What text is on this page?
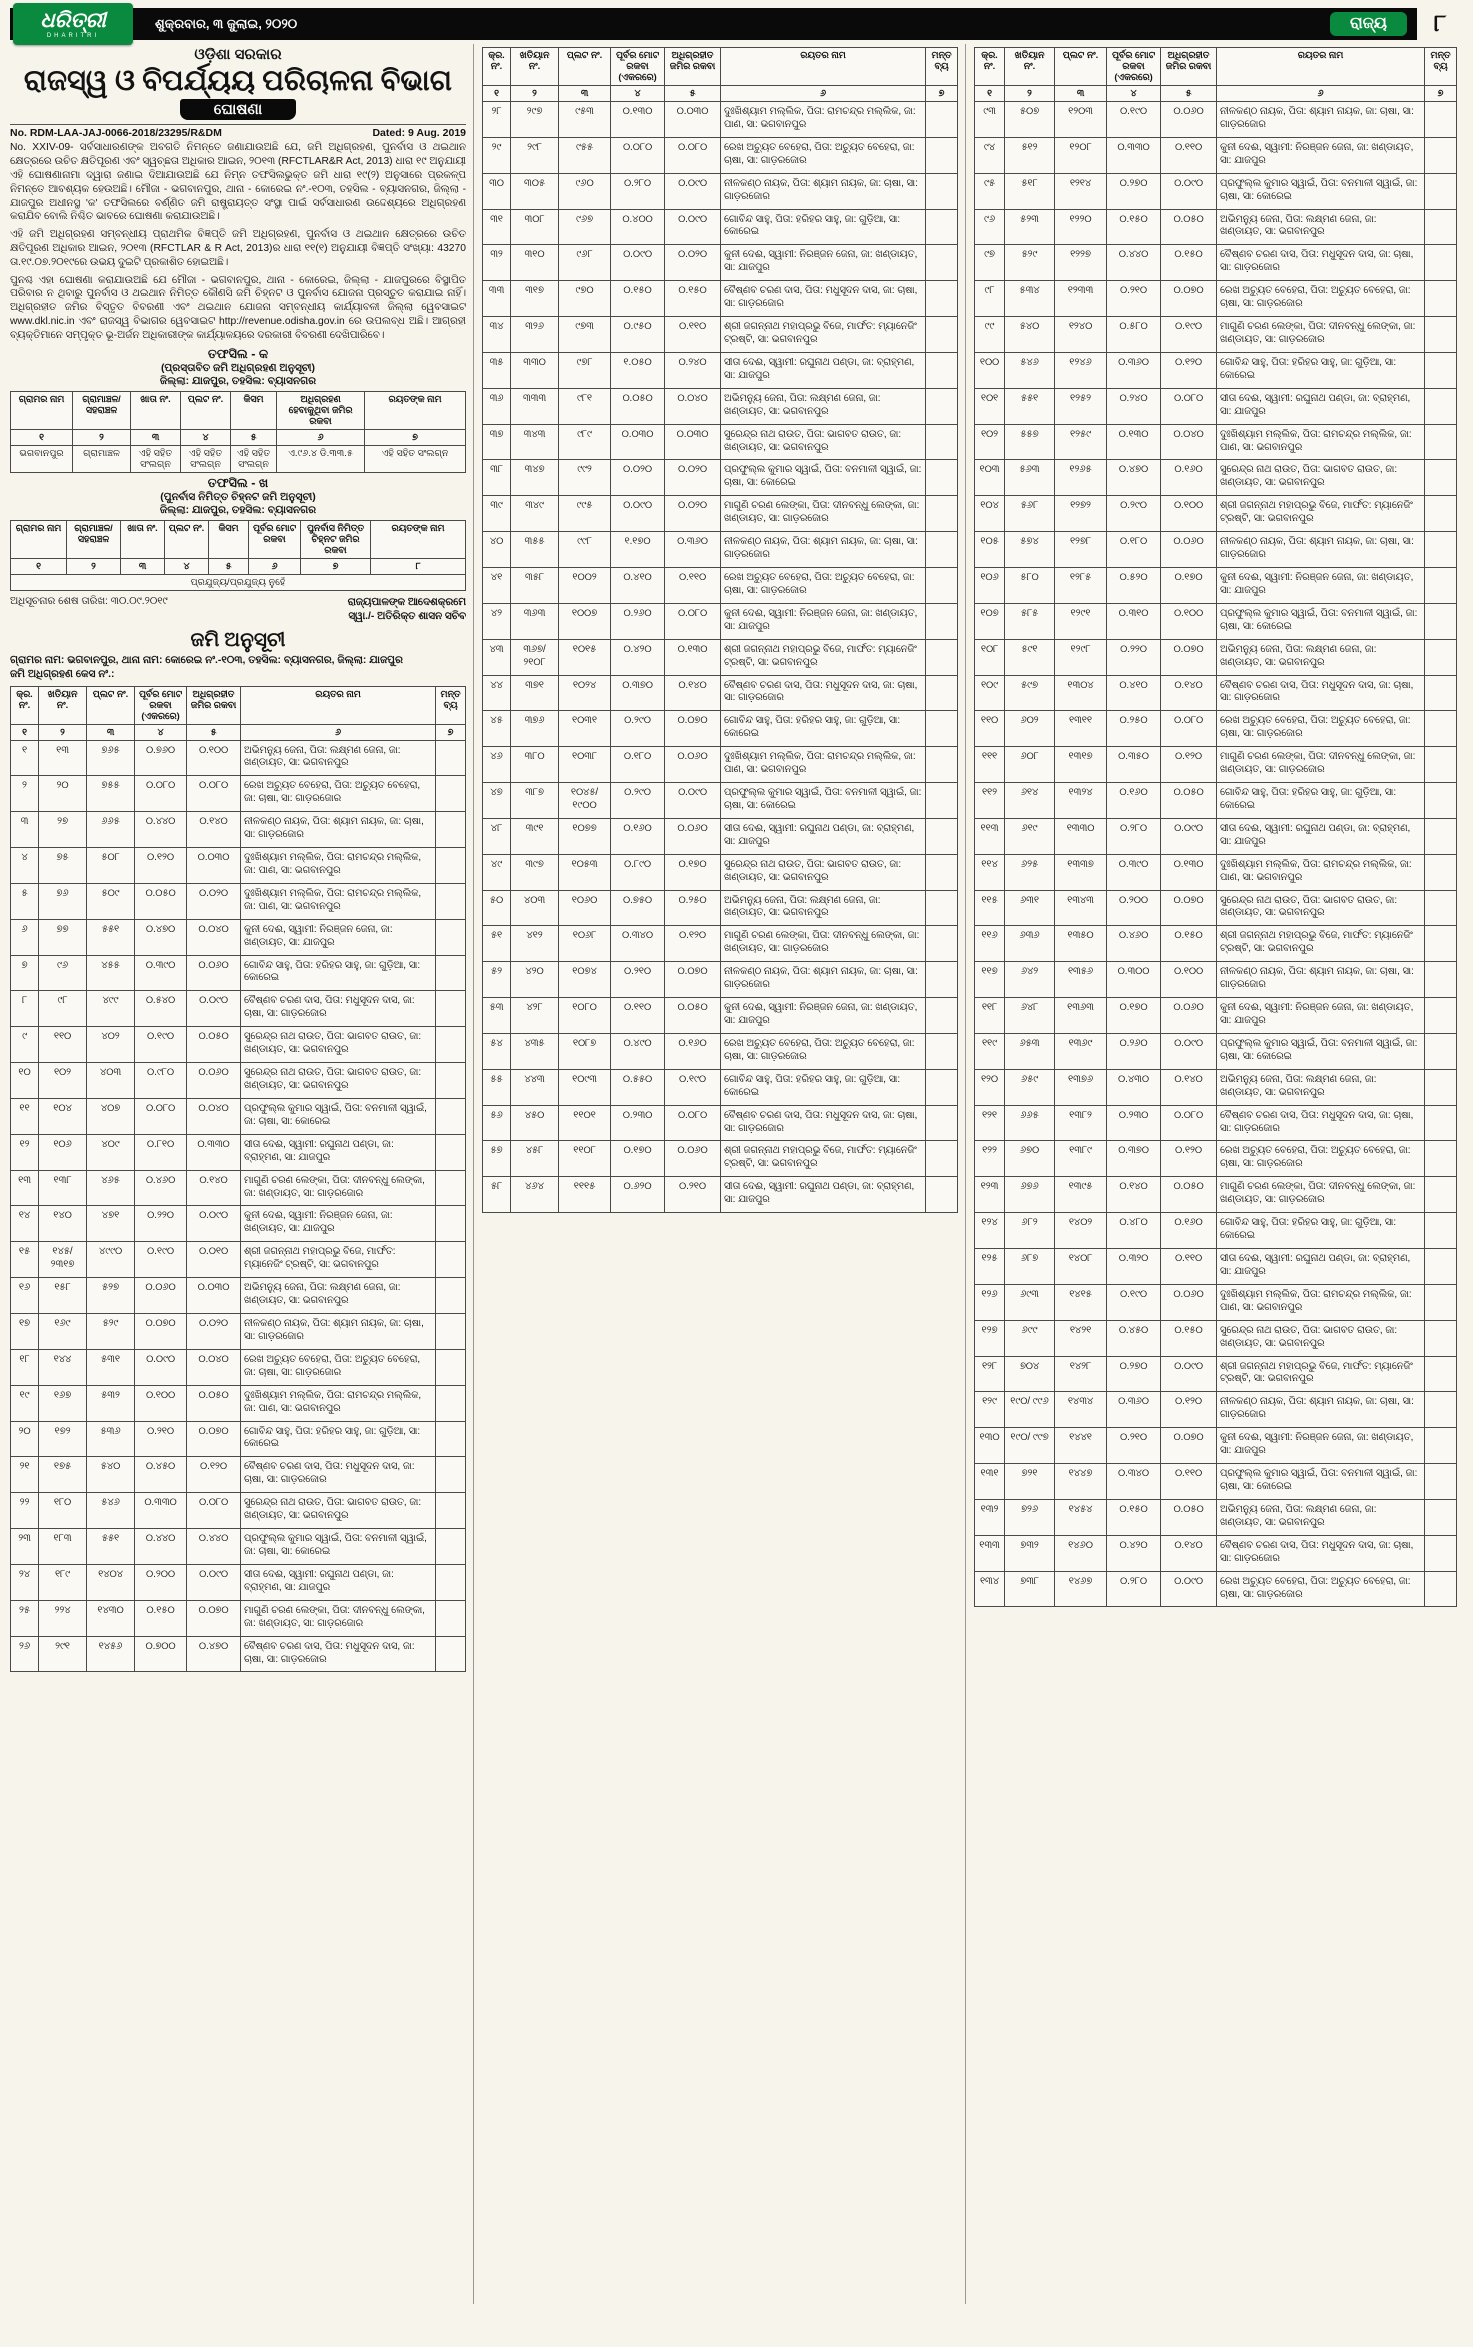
ଧରିତ୍ରୀ
DHARITRI
ଶୁକ୍ରବାର, ୩ ଜୁଲାଇ, ୨୦୨୦	ରାଜ୍ୟ	୮
ଓଡ଼ିଶା ସରକାର
ରାଜସ୍ୱ ଓ ବିପର୍ଯ୍ୟୟ ପରିଚାଳନା ବିଭାଗ
ଘୋଷଣା
No. RDM-LAA-JAJ-0066-2018/23295/R&DM	Dated: 9 Aug. 2019

No. XXIV-09- ସର୍ବସାଧାରଣଙ୍କ ଅବଗତି ନିମନ୍ତେ ଜଣାଯାଉଅଛି ଯେ, ଜମି ଅଧିଗ୍ରହଣ, ପୁନର୍ବାସ ଓ ଥଇଥାନ କ୍ଷେତ୍ରରେ ଉଚିତ କ୍ଷତିପୂରଣ ଏବଂ ସ୍ୱଚ୍ଛତା ଅଧିକାର ଆଇନ, ୨୦୧୩ (RFCTLAR&R Act, 2013) ଧାରା ୧୯ ଅନୁଯାୟୀ ଏହି ଘୋଷଣାନାମା ଦ୍ୱାରା ଜଣାଇ ଦିଆଯାଉଅଛି ଯେ ନିମ୍ନ ତଫସିଲଭୁକ୍ତ ଜମି ଧାରା ୧୯(୨) ଅନୁସାରେ ପ୍ରକଳ୍ପ ନିମନ୍ତେ ଆବଶ୍ୟକ ହେଉଅଛି। ମୌଜା - ଭଗବାନପୁର, ଥାନା - କୋରେଇ ନଂ.-୧୦୩, ତହସିଲ - ବ୍ୟାସନଗର, ଜିଲ୍ଲା - ଯାଜପୁର ଅଧୀନସ୍ଥ 'କ' ତଫସିଲରେ ବର୍ଣ୍ଣିତ ଜମି ରାଷ୍ଟ୍ରାୟତ୍ତ ସଂସ୍ଥା ପାଇଁ ସର୍ବସାଧାରଣ ଉଦ୍ଦେଶ୍ୟରେ ଅଧିଗ୍ରହଣ କରାଯିବ ବୋଲି ନିଶ୍ଚିତ ଭାବରେ ଘୋଷଣା କରାଯାଉଅଛି।

ଏହି ଜମି ଅଧିଗ୍ରହଣ ସମ୍ବନ୍ଧୀୟ ପ୍ରାଥମିକ ବିଜ୍ଞପ୍ତି ଜମି ଅଧିଗ୍ରହଣ, ପୁନର୍ବାସ ଓ ଥଇଥାନ କ୍ଷେତ୍ରରେ ଉଚିତ କ୍ଷତିପୂରଣ ଅଧିକାର ଆଇନ, ୨୦୧୩ (RFCTLAR & R Act, 2013)ର ଧାରା ୧୧(୧) ଅନୁଯାୟୀ ବିଜ୍ଞପ୍ତି ସଂଖ୍ୟା: 43270 ତା.୧୯.୦୭.୨୦୧୯ରେ ଉଭୟ ଦୁଇଟି ପ୍ରକାଶିତ ହୋଇଅଛି।

ପୁନଶ୍ଚ ଏହା ଘୋଷଣା କରାଯାଉଅଛି ଯେ ମୌଜା - ଭଗବାନପୁର, ଥାନା - କୋରେଇ, ଜିଲ୍ଲା - ଯାଜପୁରରେ ବିସ୍ଥାପିତ ପରିବାର ନ ଥିବାରୁ ପୁନର୍ବାସ ଓ ଥଇଥାନ ନିମିତ୍ତ କୌଣସି ଜମି ଚିହ୍ନଟ ଓ ପୁନର୍ବାସ ଯୋଜନା ପ୍ରସ୍ତୁତ କରାଯାଇ ନାହିଁ। ଅଧିଗ୍ରହୀତ ଜମିର ବିସ୍ତୃତ ବିବରଣୀ ଏବଂ ଥଇଥାନ ଯୋଜନା ସମ୍ବନ୍ଧୀୟ କାର୍ଯ୍ୟାବଳୀ ଜିଲ୍ଲା ୱେବସାଇଟ www.dkl.nic.in ଏବଂ ରାଜସ୍ୱ ବିଭାଗର ୱେବସାଇଟ http://revenue.odisha.gov.in ରେ ଉପଲବ୍ଧ ଅଛି। ଆଗ୍ରହୀ ବ୍ୟକ୍ତିମାନେ ସମ୍ପୃକ୍ତ ଭୂ-ଅର୍ଜନ ଅଧିକାରୀଙ୍କ କାର୍ଯ୍ୟାଳୟରେ ଦରକାରୀ ବିବରଣୀ ଦେଖିପାରିବେ।

ତଫସିଲ - କ
(ପ୍ରସ୍ତାବିତ ଜମି ଅଧିଗ୍ରହଣ ଅନୁସୂଚୀ)
ଜିଲ୍ଲା: ଯାଜପୁର, ତହସିଲ: ବ୍ୟାସନଗର
ଗ୍ରାମର ନାମ	ଗ୍ରାମାଞ୍ଚଳ/ ସହରାଞ୍ଚଳ	ଖାତା ନଂ.	ପ୍ଲଟ ନଂ.	କିସମ	ଅଧିଗ୍ରହଣ ହେବାକୁଥିବା ଜମିର ରକବା	ରୟତଙ୍କ ନାମ
୧	୨	୩	୪	୫	୬	୭
ଭଗବାନପୁର	ଗ୍ରାମାଞ୍ଚଳ	ଏହି ସହିତ ସଂଲଗ୍ନ	ଏହି ସହିତ ସଂଲଗ୍ନ	ଏହି ସହିତ ସଂଲଗ୍ନ	ଏ.୯୬.୪ ଡି.୩୩.୫	ଏହି ସହିତ ସଂଲଗ୍ନ
ତଫସିଲ - ଖ
(ପୁନର୍ବାସ ନିମିତ୍ତ ଚିହ୍ନଟ ଜମି ଅନୁସୂଚୀ)
ଜିଲ୍ଲା: ଯାଜପୁର, ତହସିଲ: ବ୍ୟାସନଗର
ଗ୍ରାମର ନାମ	ଗ୍ରାମାଞ୍ଚଳ/ ସହରାଞ୍ଚଳ	ଖାତା ନଂ.	ପ୍ଲଟ ନଂ.	କିସମ	ପୂର୍ବର ମୋଟ ରକବା	ପୁନର୍ବାସ ନିମିତ୍ତ ଚିହ୍ନଟ ଜମିର ରକବା	ରୟତଙ୍କ ନାମ
୧	୨	୩	୪	୫	୬	୭	୮
ପ୍ରଯୁଜ୍ୟ/ପ୍ରଯୁଜ୍ୟ ନୁହେଁ							
ଅଧିସୂଚନାର ଶେଷ ତାରିଖ: ୩୦.୦୯.୨୦୧୯	ରାଜ୍ୟପାଳଙ୍କ ଆଦେଶକ୍ରମେ
ସ୍ୱା./- ଅତିରିକ୍ତ ଶାସନ ସଚିବ
ଜମି ଅନୁସୂଚୀ
ଗ୍ରାମର ନାମ: ଭଗବାନପୁର, ଥାନା ନାମ: କୋରେଇ ନଂ.-୧୦୩, ତହସିଲ: ବ୍ୟାସନଗର, ଜିଲ୍ଲା: ଯାଜପୁର
ଜମି ଅଧିଗ୍ରହଣ କେସ ନଂ.:
କ୍ର.ନଂ.	ଖତିୟାନ ନଂ.	ପ୍ଲଟ ନଂ.	ପୂର୍ବର ମୋଟ ରକବା (ଏକରରେ)	ଅଧିଗ୍ରହୀତ ଜମିର ରକବା	ରୟତର ନାମ	ମନ୍ତବ୍ୟ
୧	୨	୩	୪	୫	୬	୭
୧	୧୩	୭୬୫	୦.୭୬୦	୦.୧୦୦	ଅଭିମନ୍ୟୁ ଜେନା, ପିତା: ଲକ୍ଷ୍ମଣ ଜେନା, ଜା: ଖଣ୍ଡାୟତ, ସା: ଭଗବାନପୁର	
୨	୨୦	୭୫୫	୦.୦୮୦	୦.୦୮୦	ରେଖ ଅଚ୍ୟୁତ ବେହେରା, ପିତା: ଅଚ୍ୟୁତ ବେହେରା, ଜା: ଚାଷା, ସା: ଗାଡ଼ରଜୋର	
୩	୨୭	୬୬୫	୦.୪୪୦	୦.୧୪୦	ନୀଳକଣ୍ଠ ନାୟକ, ପିତା: ଶ୍ୟାମ ନାୟକ, ଜା: ଚାଷା, ସା: ଗାଡ଼ରଜୋର	
୪	୭୫	୫୦୮	୦.୧୨୦	୦.୦୩୦	ଦୁଃଖିଶ୍ୟାମ ମଲ୍ଲିକ, ପିତା: ରାମଚନ୍ଦ୍ର ମଲ୍ଲିକ, ଜା: ପାଣ, ସା: ଭଗବାନପୁର	
୫	୭୬	୫୦୯	୦.୦୫୦	୦.୦୨୦	ଦୁଃଖିଶ୍ୟାମ ମଲ୍ଲିକ, ପିତା: ରାମଚନ୍ଦ୍ର ମଲ୍ଲିକ, ଜା: ପାଣ, ସା: ଭଗବାନପୁର	
୬	୭୭	୫୫୧	୦.୪୭୦	୦.୦୪୦	କୁନୀ ଦେଈ, ସ୍ୱାମୀ: ନିରଞ୍ଜନ ଜେନା, ଜା: ଖଣ୍ଡାୟତ, ସା: ଯାଜପୁର	
୭	୯୬	୪୫୫	୦.୩୯୦	୦.୦୬୦	ଗୋବିନ୍ଦ ସାହୁ, ପିତା: ହରିହର ସାହୁ, ଜା: ଗୁଡ଼ିଆ, ସା: କୋରେଇ	
୮	୯୮	୪୯୯	୦.୫୪୦	୦.୦୯୦	ବୈଷ୍ଣବ ଚରଣ ଦାସ, ପିତା: ମଧୁସୂଦନ ଦାସ, ଜା: ଚାଷା, ସା: ଗାଡ଼ରଜୋର	
୯	୧୧୦	୪୦୨	୦.୧୯୦	୦.୦୫୦	ସୁରେନ୍ଦ୍ର ନାଥ ରାଉତ, ପିତା: ଭାଗବତ ରାଉତ, ଜା: ଖଣ୍ଡାୟତ, ସା: ଭଗବାନପୁର	
୧୦	୧୦୨	୪୦୩	୦.୯୮୦	୦.୦୬୦	ସୁରେନ୍ଦ୍ର ନାଥ ରାଉତ, ପିତା: ଭାଗବତ ରାଉତ, ଜା: ଖଣ୍ଡାୟତ, ସା: ଭଗବାନପୁର	
୧୧	୧୦୪	୪୦୭	୦.୦୮୦	୦.୦୪୦	ପ୍ରଫୁଲ୍ଲ କୁମାର ସ୍ୱାଇଁ, ପିତା: ବନମାଳୀ ସ୍ୱାଇଁ, ଜା: ଚାଷା, ସା: କୋରେଇ	
୧୨	୧୦୬	୪୦୯	୦.୮୧୦	୦.୩୩୦	ସୀତା ଦେଈ, ସ୍ୱାମୀ: ରଘୁନାଥ ପଣ୍ଡା, ଜା: ବ୍ରାହ୍ମଣ, ସା: ଯାଜପୁର	
୧୩	୧୩୮	୪୬୫	୦.୪୬୦	୦.୧୪୦	ମାଗୁଣି ଚରଣ ଲେଙ୍କା, ପିତା: ଦୀନବନ୍ଧୁ ଲେଙ୍କା, ଜା: ଖଣ୍ଡାୟତ, ସା: ଗାଡ଼ରଜୋର	
୧୪	୧୪୦	୪୭୧	୦.୨୨୦	୦.୦୯୦	କୁନୀ ଦେଈ, ସ୍ୱାମୀ: ନିରଞ୍ଜନ ଜେନା, ଜା: ଖଣ୍ଡାୟତ, ସା: ଯାଜପୁର	
୧୫	୧୪୫/ ୨୩୧୭	୪୯୯୦	୦.୧୯୦	୦.୦୧୦	ଶ୍ରୀ ଜଗନ୍ନାଥ ମହାପ୍ରଭୁ ବିଜେ, ମାର୍ଫତ: ମ୍ୟାନେଜିଂ ଟ୍ରଷ୍ଟି, ସା: ଭଗବାନପୁର	
୧୬	୧୫୮	୫୨୭	୦.୦୬୦	୦.୦୩୦	ଅଭିମନ୍ୟୁ ଜେନା, ପିତା: ଲକ୍ଷ୍ମଣ ଜେନା, ଜା: ଖଣ୍ଡାୟତ, ସା: ଭଗବାନପୁର	
୧୭	୧୬୯	୫୨୯	୦.୦୭୦	୦.୦୨୦	ନୀଳକଣ୍ଠ ନାୟକ, ପିତା: ଶ୍ୟାମ ନାୟକ, ଜା: ଚାଷା, ସା: ଗାଡ଼ରଜୋର	
୧୮	୧୪୪	୫୩୧	୦.୦୯୦	୦.୦୪୦	ରେଖ ଅଚ୍ୟୁତ ବେହେରା, ପିତା: ଅଚ୍ୟୁତ ବେହେରା, ଜା: ଚାଷା, ସା: ଗାଡ଼ରଜୋର	
୧୯	୧୬୭	୫୩୨	୦.୧୦୦	୦.୦୫୦	ଦୁଃଖିଶ୍ୟାମ ମଲ୍ଲିକ, ପିତା: ରାମଚନ୍ଦ୍ର ମଲ୍ଲିକ, ଜା: ପାଣ, ସା: ଭଗବାନପୁର	
୨୦	୧୭୨	୫୩୬	୦.୨୧୦	୦.୦୭୦	ଗୋବିନ୍ଦ ସାହୁ, ପିତା: ହରିହର ସାହୁ, ଜା: ଗୁଡ଼ିଆ, ସା: କୋରେଇ	
୨୧	୧୭୫	୫୪୦	୦.୪୫୦	୦.୧୨୦	ବୈଷ୍ଣବ ଚରଣ ଦାସ, ପିତା: ମଧୁସୂଦନ ଦାସ, ଜା: ଚାଷା, ସା: ଗାଡ଼ରଜୋର	
୨୨	୧୮୦	୫୪୬	୦.୩୩୦	୦.୦୮୦	ସୁରେନ୍ଦ୍ର ନାଥ ରାଉତ, ପିତା: ଭାଗବତ ରାଉତ, ଜା: ଖଣ୍ଡାୟତ, ସା: ଭଗବାନପୁର	
୨୩	୧୮୩	୫୫୧	୦.୪୪୦	୦.୪୪୦	ପ୍ରଫୁଲ୍ଲ କୁମାର ସ୍ୱାଇଁ, ପିତା: ବନମାଳୀ ସ୍ୱାଇଁ, ଜା: ଚାଷା, ସା: କୋରେଇ	
୨୪	୧୮୯	୧୪୦୪	୦.୨୦୦	୦.୦୯୦	ସୀତା ଦେଈ, ସ୍ୱାମୀ: ରଘୁନାଥ ପଣ୍ଡା, ଜା: ବ୍ରାହ୍ମଣ, ସା: ଯାଜପୁର	
୨୫	୨୨୪	୧୪୩୦	୦.୧୫୦	୦.୦୭୦	ମାଗୁଣି ଚରଣ ଲେଙ୍କା, ପିତା: ଦୀନବନ୍ଧୁ ଲେଙ୍କା, ଜା: ଖଣ୍ଡାୟତ, ସା: ଗାଡ଼ରଜୋର	
୨୬	୨୯୧	୧୪୫୬	୦.୭୦୦	୦.୪୭୦	ବୈଷ୍ଣବ ଚରଣ ଦାସ, ପିତା: ମଧୁସୂଦନ ଦାସ, ଜା: ଚାଷା, ସା: ଗାଡ଼ରଜୋର	
କ୍ର.ନଂ.	ଖତିୟାନ ନଂ.	ପ୍ଲଟ ନଂ.	ପୂର୍ବର ମୋଟ ରକବା (ଏକରରେ)	ଅଧିଗ୍ରହୀତ ଜମିର ରକବା	ରୟତର ନାମ	ମନ୍ତବ୍ୟ
୧	୨	୩	୪	୫	୬	୭
୨୮	୨୯୭	୯୫୩	୦.୧୩୦	୦.୦୩୦	ଦୁଃଖିଶ୍ୟାମ ମଲ୍ଲିକ, ପିତା: ରାମଚନ୍ଦ୍ର ମଲ୍ଲିକ, ଜା: ପାଣ, ସା: ଭଗବାନପୁର	
୨୯	୨୯୮	୯୫୫	୦.୦୮୦	୦.୦୮୦	ରେଖ ଅଚ୍ୟୁତ ବେହେରା, ପିତା: ଅଚ୍ୟୁତ ବେହେରା, ଜା: ଚାଷା, ସା: ଗାଡ଼ରଜୋର	
୩୦	୩୦୫	୯୬୦	୦.୨୮୦	୦.୦୯୦	ନୀଳକଣ୍ଠ ନାୟକ, ପିତା: ଶ୍ୟାମ ନାୟକ, ଜା: ଚାଷା, ସା: ଗାଡ଼ରଜୋର	
୩୧	୩୦୮	୯୬୭	୦.୪୦୦	୦.୦୯୦	ଗୋବିନ୍ଦ ସାହୁ, ପିତା: ହରିହର ସାହୁ, ଜା: ଗୁଡ଼ିଆ, ସା: କୋରେଇ	
୩୨	୩୧୦	୯୬୮	୦.୦୯୦	୦.୦୨୦	କୁନୀ ଦେଈ, ସ୍ୱାମୀ: ନିରଞ୍ଜନ ଜେନା, ଜା: ଖଣ୍ଡାୟତ, ସା: ଯାଜପୁର	
୩୩	୩୧୭	୯୭୦	୦.୧୫୦	୦.୧୫୦	ବୈଷ୍ଣବ ଚରଣ ଦାସ, ପିତା: ମଧୁସୂଦନ ଦାସ, ଜା: ଚାଷା, ସା: ଗାଡ଼ରଜୋର	
୩୪	୩୨୬	୯୭୩	୦.୯୫୦	୦.୧୧୦	ଶ୍ରୀ ଜଗନ୍ନାଥ ମହାପ୍ରଭୁ ବିଜେ, ମାର୍ଫତ: ମ୍ୟାନେଜିଂ ଟ୍ରଷ୍ଟି, ସା: ଭଗବାନପୁର	
୩୫	୩୩୦	୯୭୮	୧.୦୫୦	୦.୨୪୦	ସୀତା ଦେଈ, ସ୍ୱାମୀ: ରଘୁନାଥ ପଣ୍ଡା, ଜା: ବ୍ରାହ୍ମଣ, ସା: ଯାଜପୁର	
୩୬	୩୩୩	୯୮୧	୦.୦୫୦	୦.୦୪୦	ଅଭିମନ୍ୟୁ ଜେନା, ପିତା: ଲକ୍ଷ୍ମଣ ଜେନା, ଜା: ଖଣ୍ଡାୟତ, ସା: ଭଗବାନପୁର	
୩୭	୩୪୩	୯୮୯	୦.୦୩୦	୦.୦୩୦	ସୁରେନ୍ଦ୍ର ନାଥ ରାଉତ, ପିତା: ଭାଗବତ ରାଉତ, ଜା: ଖଣ୍ଡାୟତ, ସା: ଭଗବାନପୁର	
୩୮	୩୪୭	୯୯୨	୦.୦୨୦	୦.୦୨୦	ପ୍ରଫୁଲ୍ଲ କୁମାର ସ୍ୱାଇଁ, ପିତା: ବନମାଳୀ ସ୍ୱାଇଁ, ଜା: ଚାଷା, ସା: କୋରେଇ	
୩୯	୩୪୯	୯୯୫	୦.୦୯୦	୦.୦୨୦	ମାଗୁଣି ଚରଣ ଲେଙ୍କା, ପିତା: ଦୀନବନ୍ଧୁ ଲେଙ୍କା, ଜା: ଖଣ୍ଡାୟତ, ସା: ଗାଡ଼ରଜୋର	
୪୦	୩୫୫	୯୯୮	୧.୧୭୦	୦.୩୬୦	ନୀଳକଣ୍ଠ ନାୟକ, ପିତା: ଶ୍ୟାମ ନାୟକ, ଜା: ଚାଷା, ସା: ଗାଡ଼ରଜୋର	
୪୧	୩୫୮	୧୦୦୨	୦.୪୧୦	୦.୧୧୦	ରେଖ ଅଚ୍ୟୁତ ବେହେରା, ପିତା: ଅଚ୍ୟୁତ ବେହେରା, ଜା: ଚାଷା, ସା: ଗାଡ଼ରଜୋର	
୪୨	୩୬୩	୧୦୦୭	୦.୨୬୦	୦.୦୮୦	କୁନୀ ଦେଈ, ସ୍ୱାମୀ: ନିରଞ୍ଜନ ଜେନା, ଜା: ଖଣ୍ଡାୟତ, ସା: ଯାଜପୁର	
୪୩	୩୬୭/ ୨୧୦୮	୧୦୧୫	୦.୪୨୦	୦.୧୩୦	ଶ୍ରୀ ଜଗନ୍ନାଥ ମହାପ୍ରଭୁ ବିଜେ, ମାର୍ଫତ: ମ୍ୟାନେଜିଂ ଟ୍ରଷ୍ଟି, ସା: ଭଗବାନପୁର	
୪୪	୩୭୧	୧୦୨୪	୦.୩୭୦	୦.୧୪୦	ବୈଷ୍ଣବ ଚରଣ ଦାସ, ପିତା: ମଧୁସୂଦନ ଦାସ, ଜା: ଚାଷା, ସା: ଗାଡ଼ରଜୋର	
୪୫	୩୭୬	୧୦୩୧	୦.୨୯୦	୦.୦୭୦	ଗୋବିନ୍ଦ ସାହୁ, ପିତା: ହରିହର ସାହୁ, ଜା: ଗୁଡ଼ିଆ, ସା: କୋରେଇ	
୪୬	୩୮୦	୧୦୩୮	୦.୧୮୦	୦.୦୬୦	ଦୁଃଖିଶ୍ୟାମ ମଲ୍ଲିକ, ପିତା: ରାମଚନ୍ଦ୍ର ମଲ୍ଲିକ, ଜା: ପାଣ, ସା: ଭଗବାନପୁର	
୪୭	୩୮୭	୧୦୪୫/ ୧୯୦୦	୦.୨୯୦	୦.୦୯୦	ପ୍ରଫୁଲ୍ଲ କୁମାର ସ୍ୱାଇଁ, ପିତା: ବନମାଳୀ ସ୍ୱାଇଁ, ଜା: ଚାଷା, ସା: କୋରେଇ	
୪୮	୩୯୧	୧୦୭୭	୦.୧୬୦	୦.୦୬୦	ସୀତା ଦେଈ, ସ୍ୱାମୀ: ରଘୁନାଥ ପଣ୍ଡା, ଜା: ବ୍ରାହ୍ମଣ, ସା: ଯାଜପୁର	
୪୯	୩୯୭	୧୦୫୩	୦.୮୯୦	୦.୧୭୦	ସୁରେନ୍ଦ୍ର ନାଥ ରାଉତ, ପିତା: ଭାଗବତ ରାଉତ, ଜା: ଖଣ୍ଡାୟତ, ସା: ଭଗବାନପୁର	
୫୦	୪୦୩	୧୦୬୦	୦.୭୫୦	୦.୨୫୦	ଅଭିମନ୍ୟୁ ଜେନା, ପିତା: ଲକ୍ଷ୍ମଣ ଜେନା, ଜା: ଖଣ୍ଡାୟତ, ସା: ଭଗବାନପୁର	
୫୧	୪୧୨	୧୦୬୮	୦.୩୪୦	୦.୧୨୦	ମାଗୁଣି ଚରଣ ଲେଙ୍କା, ପିତା: ଦୀନବନ୍ଧୁ ଲେଙ୍କା, ଜା: ଖଣ୍ଡାୟତ, ସା: ଗାଡ଼ରଜୋର	
୫୨	୪୨୦	୧୦୭୪	୦.୨୧୦	୦.୦୭୦	ନୀଳକଣ୍ଠ ନାୟକ, ପିତା: ଶ୍ୟାମ ନାୟକ, ଜା: ଚାଷା, ସା: ଗାଡ଼ରଜୋର	
୫୩	୪୨୮	୧୦୮୦	୦.୧୧୦	୦.୦୫୦	କୁନୀ ଦେଈ, ସ୍ୱାମୀ: ନିରଞ୍ଜନ ଜେନା, ଜା: ଖଣ୍ଡାୟତ, ସା: ଯାଜପୁର	
୫୪	୪୩୫	୧୦୮୭	୦.୪୯୦	୦.୧୬୦	ରେଖ ଅଚ୍ୟୁତ ବେହେରା, ପିତା: ଅଚ୍ୟୁତ ବେହେରା, ଜା: ଚାଷା, ସା: ଗାଡ଼ରଜୋର	
୫୫	୪୪୩	୧୦୯୩	୦.୫୫୦	୦.୧୯୦	ଗୋବିନ୍ଦ ସାହୁ, ପିତା: ହରିହର ସାହୁ, ଜା: ଗୁଡ଼ିଆ, ସା: କୋରେଇ	
୫୬	୪୫୦	୧୧୦୧	୦.୨୩୦	୦.୦୮୦	ବୈଷ୍ଣବ ଚରଣ ଦାସ, ପିତା: ମଧୁସୂଦନ ଦାସ, ଜା: ଚାଷା, ସା: ଗାଡ଼ରଜୋର	
୫୭	୪୫୮	୧୧୦୮	୦.୧୭୦	୦.୦୬୦	ଶ୍ରୀ ଜଗନ୍ନାଥ ମହାପ୍ରଭୁ ବିଜେ, ମାର୍ଫତ: ମ୍ୟାନେଜିଂ ଟ୍ରଷ୍ଟି, ସା: ଭଗବାନପୁର	
୫୮	୪୬୪	୧୧୧୫	୦.୬୨୦	୦.୨୧୦	ସୀତା ଦେଈ, ସ୍ୱାମୀ: ରଘୁନାଥ ପଣ୍ଡା, ଜା: ବ୍ରାହ୍ମଣ, ସା: ଯାଜପୁର	
କ୍ର.ନଂ.	ଖତିୟାନ ନଂ.	ପ୍ଲଟ ନଂ.	ପୂର୍ବର ମୋଟ ରକବା (ଏକରରେ)	ଅଧିଗ୍ରହୀତ ଜମିର ରକବା	ରୟତର ନାମ	ମନ୍ତବ୍ୟ
୧	୨	୩	୪	୫	୬	୭
୯୩	୫୦୭	୧୨୦୩	୦.୧୯୦	୦.୦୬୦	ନୀଳକଣ୍ଠ ନାୟକ, ପିତା: ଶ୍ୟାମ ନାୟକ, ଜା: ଚାଷା, ସା: ଗାଡ଼ରଜୋର	
୯୪	୫୧୨	୧୨୦୮	୦.୩୩୦	୦.୧୧୦	କୁନୀ ଦେଈ, ସ୍ୱାମୀ: ନିରଞ୍ଜନ ଜେନା, ଜା: ଖଣ୍ଡାୟତ, ସା: ଯାଜପୁର	
୯୫	୫୧୮	୧୨୧୪	୦.୨୭୦	୦.୦୯୦	ପ୍ରଫୁଲ୍ଲ କୁମାର ସ୍ୱାଇଁ, ପିତା: ବନମାଳୀ ସ୍ୱାଇଁ, ଜା: ଚାଷା, ସା: କୋରେଇ	
୯୬	୫୨୩	୧୨୨୦	୦.୧୫୦	୦.୦୫୦	ଅଭିମନ୍ୟୁ ଜେନା, ପିତା: ଲକ୍ଷ୍ମଣ ଜେନା, ଜା: ଖଣ୍ଡାୟତ, ସା: ଭଗବାନପୁର	
୯୭	୫୨୯	୧୨୨୭	୦.୪୪୦	୦.୧୫୦	ବୈଷ୍ଣବ ଚରଣ ଦାସ, ପିତା: ମଧୁସୂଦନ ଦାସ, ଜା: ଚାଷା, ସା: ଗାଡ଼ରଜୋର	
୯୮	୫୩୪	୧୨୩୩	୦.୨୧୦	୦.୦୭୦	ରେଖ ଅଚ୍ୟୁତ ବେହେରା, ପିତା: ଅଚ୍ୟୁତ ବେହେରା, ଜା: ଚାଷା, ସା: ଗାଡ଼ରଜୋର	
୯୯	୫୪୦	୧୨୪୦	୦.୫୮୦	୦.୧୯୦	ମାଗୁଣି ଚରଣ ଲେଙ୍କା, ପିତା: ଦୀନବନ୍ଧୁ ଲେଙ୍କା, ଜା: ଖଣ୍ଡାୟତ, ସା: ଗାଡ଼ରଜୋର	
୧୦୦	୫୪୬	୧୨୪୬	୦.୩୬୦	୦.୧୨୦	ଗୋବିନ୍ଦ ସାହୁ, ପିତା: ହରିହର ସାହୁ, ଜା: ଗୁଡ଼ିଆ, ସା: କୋରେଇ	
୧୦୧	୫୫୧	୧୨୫୨	୦.୨୪୦	୦.୦୮୦	ସୀତା ଦେଈ, ସ୍ୱାମୀ: ରଘୁନାଥ ପଣ୍ଡା, ଜା: ବ୍ରାହ୍ମଣ, ସା: ଯାଜପୁର	
୧୦୨	୫୫୭	୧୨୫୯	୦.୧୩୦	୦.୦୪୦	ଦୁଃଖିଶ୍ୟାମ ମଲ୍ଲିକ, ପିତା: ରାମଚନ୍ଦ୍ର ମଲ୍ଲିକ, ଜା: ପାଣ, ସା: ଭଗବାନପୁର	
୧୦୩	୫୬୩	୧୨୬୫	୦.୪୭୦	୦.୧୬୦	ସୁରେନ୍ଦ୍ର ନାଥ ରାଉତ, ପିତା: ଭାଗବତ ରାଉତ, ଜା: ଖଣ୍ଡାୟତ, ସା: ଭଗବାନପୁର	
୧୦୪	୫୬୮	୧୨୭୨	୦.୨୯୦	୦.୧୦୦	ଶ୍ରୀ ଜଗନ୍ନାଥ ମହାପ୍ରଭୁ ବିଜେ, ମାର୍ଫତ: ମ୍ୟାନେଜିଂ ଟ୍ରଷ୍ଟି, ସା: ଭଗବାନପୁର	
୧୦୫	୫୭୪	୧୨୭୮	୦.୧୮୦	୦.୦୬୦	ନୀଳକଣ୍ଠ ନାୟକ, ପିତା: ଶ୍ୟାମ ନାୟକ, ଜା: ଚାଷା, ସା: ଗାଡ଼ରଜୋର	
୧୦୬	୫୮୦	୧୨୮୫	୦.୫୨୦	୦.୧୭୦	କୁନୀ ଦେଈ, ସ୍ୱାମୀ: ନିରଞ୍ଜନ ଜେନା, ଜା: ଖଣ୍ଡାୟତ, ସା: ଯାଜପୁର	
୧୦୭	୫୮୫	୧୨୯୧	୦.୩୧୦	୦.୧୦୦	ପ୍ରଫୁଲ୍ଲ କୁମାର ସ୍ୱାଇଁ, ପିତା: ବନମାଳୀ ସ୍ୱାଇଁ, ଜା: ଚାଷା, ସା: କୋରେଇ	
୧୦୮	୫୯୧	୧୨୯୮	୦.୨୨୦	୦.୦୭୦	ଅଭିମନ୍ୟୁ ଜେନା, ପିତା: ଲକ୍ଷ୍ମଣ ଜେନା, ଜା: ଖଣ୍ଡାୟତ, ସା: ଭଗବାନପୁର	
୧୦୯	୫୯୭	୧୩୦୪	୦.୪୧୦	୦.୧୪୦	ବୈଷ୍ଣବ ଚରଣ ଦାସ, ପିତା: ମଧୁସୂଦନ ଦାସ, ଜା: ଚାଷା, ସା: ଗାଡ଼ରଜୋର	
୧୧୦	୬୦୨	୧୩୧୧	୦.୨୫୦	୦.୦୮୦	ରେଖ ଅଚ୍ୟୁତ ବେହେରା, ପିତା: ଅଚ୍ୟୁତ ବେହେରା, ଜା: ଚାଷା, ସା: ଗାଡ଼ରଜୋର	
୧୧୧	୬୦୮	୧୩୧୭	୦.୩୫୦	୦.୧୨୦	ମାଗୁଣି ଚରଣ ଲେଙ୍କା, ପିତା: ଦୀନବନ୍ଧୁ ଲେଙ୍କା, ଜା: ଖଣ୍ଡାୟତ, ସା: ଗାଡ଼ରଜୋର	
୧୧୨	୬୧୪	୧୩୨୪	୦.୧୬୦	୦.୦୫୦	ଗୋବିନ୍ଦ ସାହୁ, ପିତା: ହରିହର ସାହୁ, ଜା: ଗୁଡ଼ିଆ, ସା: କୋରେଇ	
୧୧୩	୬୧୯	୧୩୩୦	୦.୨୮୦	୦.୦୯୦	ସୀତା ଦେଈ, ସ୍ୱାମୀ: ରଘୁନାଥ ପଣ୍ଡା, ଜା: ବ୍ରାହ୍ମଣ, ସା: ଯାଜପୁର	
୧୧୪	୬୨୫	୧୩୩୭	୦.୩୯୦	୦.୧୩୦	ଦୁଃଖିଶ୍ୟାମ ମଲ୍ଲିକ, ପିତା: ରାମଚନ୍ଦ୍ର ମଲ୍ଲିକ, ଜା: ପାଣ, ସା: ଭଗବାନପୁର	
୧୧୫	୬୩୧	୧୩୪୩	୦.୨୦୦	୦.୦୭୦	ସୁରେନ୍ଦ୍ର ନାଥ ରାଉତ, ପିତା: ଭାଗବତ ରାଉତ, ଜା: ଖଣ୍ଡାୟତ, ସା: ଭଗବାନପୁର	
୧୧୬	୬୩୬	୧୩୫୦	୦.୪୬୦	୦.୧୫୦	ଶ୍ରୀ ଜଗନ୍ନାଥ ମହାପ୍ରଭୁ ବିଜେ, ମାର୍ଫତ: ମ୍ୟାନେଜିଂ ଟ୍ରଷ୍ଟି, ସା: ଭଗବାନପୁର	
୧୧୭	୬୪୨	୧୩୫୬	୦.୩୦୦	୦.୧୦୦	ନୀଳକଣ୍ଠ ନାୟକ, ପିତା: ଶ୍ୟାମ ନାୟକ, ଜା: ଚାଷା, ସା: ଗାଡ଼ରଜୋର	
୧୧୮	୬୪୮	୧୩୬୩	୦.୧୭୦	୦.୦୬୦	କୁନୀ ଦେଈ, ସ୍ୱାମୀ: ନିରଞ୍ଜନ ଜେନା, ଜା: ଖଣ୍ଡାୟତ, ସା: ଯାଜପୁର	
୧୧୯	୬୫୩	୧୩୬୯	୦.୨୬୦	୦.୦୯୦	ପ୍ରଫୁଲ୍ଲ କୁମାର ସ୍ୱାଇଁ, ପିତା: ବନମାଳୀ ସ୍ୱାଇଁ, ଜା: ଚାଷା, ସା: କୋରେଇ	
୧୨୦	୬୫୯	୧୩୭୬	୦.୪୩୦	୦.୧୪୦	ଅଭିମନ୍ୟୁ ଜେନା, ପିତା: ଲକ୍ଷ୍ମଣ ଜେନା, ଜା: ଖଣ୍ଡାୟତ, ସା: ଭଗବାନପୁର	
୧୨୧	୬୬୫	୧୩୮୨	୦.୨୩୦	୦.୦୮୦	ବୈଷ୍ଣବ ଚରଣ ଦାସ, ପିତା: ମଧୁସୂଦନ ଦାସ, ଜା: ଚାଷା, ସା: ଗାଡ଼ରଜୋର	
୧୨୨	୬୭୦	୧୩୮୯	୦.୩୭୦	୦.୧୨୦	ରେଖ ଅଚ୍ୟୁତ ବେହେରା, ପିତା: ଅଚ୍ୟୁତ ବେହେରା, ଜା: ଚାଷା, ସା: ଗାଡ଼ରଜୋର	
୧୨୩	୬୭୬	୧୩୯୫	୦.୧୪୦	୦.୦୫୦	ମାଗୁଣି ଚରଣ ଲେଙ୍କା, ପିତା: ଦୀନବନ୍ଧୁ ଲେଙ୍କା, ଜା: ଖଣ୍ଡାୟତ, ସା: ଗାଡ଼ରଜୋର	
୧୨୪	୬୮୨	୧୪୦୨	୦.୪୮୦	୦.୧୬୦	ଗୋବିନ୍ଦ ସାହୁ, ପିତା: ହରିହର ସାହୁ, ଜା: ଗୁଡ଼ିଆ, ସା: କୋରେଇ	
୧୨୫	୬୮୭	୧୪୦୮	୦.୩୨୦	୦.୧୧୦	ସୀତା ଦେଈ, ସ୍ୱାମୀ: ରଘୁନାଥ ପଣ୍ଡା, ଜା: ବ୍ରାହ୍ମଣ, ସା: ଯାଜପୁର	
୧୨୬	୬୯୩	୧୪୧୫	୦.୧୯୦	୦.୦୬୦	ଦୁଃଖିଶ୍ୟାମ ମଲ୍ଲିକ, ପିତା: ରାମଚନ୍ଦ୍ର ମଲ୍ଲିକ, ଜା: ପାଣ, ସା: ଭଗବାନପୁର	
୧୨୭	୬୯୯	୧୪୨୧	୦.୪୫୦	୦.୧୫୦	ସୁରେନ୍ଦ୍ର ନାଥ ରାଉତ, ପିତା: ଭାଗବତ ରାଉତ, ଜା: ଖଣ୍ଡାୟତ, ସା: ଭଗବାନପୁର	
୧୨୮	୭୦୪	୧୪୨୮	୦.୨୭୦	୦.୦୯୦	ଶ୍ରୀ ଜଗନ୍ନାଥ ମହାପ୍ରଭୁ ବିଜେ, ମାର୍ଫତ: ମ୍ୟାନେଜିଂ ଟ୍ରଷ୍ଟି, ସା: ଭଗବାନପୁର	
୧୨୯	୧୯୦/ ୯୯୬	୧୪୩୪	୦.୩୬୦	୦.୧୨୦	ନୀଳକଣ୍ଠ ନାୟକ, ପିତା: ଶ୍ୟାମ ନାୟକ, ଜା: ଚାଷା, ସା: ଗାଡ଼ରଜୋର	
୧୩୦	୧୯୦/ ୯୯୭	୧୪୪୧	୦.୨୧୦	୦.୦୭୦	କୁନୀ ଦେଈ, ସ୍ୱାମୀ: ନିରଞ୍ଜନ ଜେନା, ଜା: ଖଣ୍ଡାୟତ, ସା: ଯାଜପୁର	
୧୩୧	୭୨୧	୧୪୪୭	୦.୩୪୦	୦.୧୧୦	ପ୍ରଫୁଲ୍ଲ କୁମାର ସ୍ୱାଇଁ, ପିତା: ବନମାଳୀ ସ୍ୱାଇଁ, ଜା: ଚାଷା, ସା: କୋରେଇ	
୧୩୨	୭୨୬	୧୪୫୪	୦.୧୫୦	୦.୦୫୦	ଅଭିମନ୍ୟୁ ଜେନା, ପିତା: ଲକ୍ଷ୍ମଣ ଜେନା, ଜା: ଖଣ୍ଡାୟତ, ସା: ଭଗବାନପୁର	
୧୩୩	୭୩୨	୧୪୬୦	୦.୪୨୦	୦.୧୪୦	ବୈଷ୍ଣବ ଚରଣ ଦାସ, ପିତା: ମଧୁସୂଦନ ଦାସ, ଜା: ଚାଷା, ସା: ଗାଡ଼ରଜୋର	
୧୩୪	୭୩୮	୧୪୬୭	୦.୨୮୦	୦.୦୯୦	ରେଖ ଅଚ୍ୟୁତ ବେହେରା, ପିତା: ଅଚ୍ୟୁତ ବେହେରା, ଜା: ଚାଷା, ସା: ଗାଡ଼ରଜୋର	
